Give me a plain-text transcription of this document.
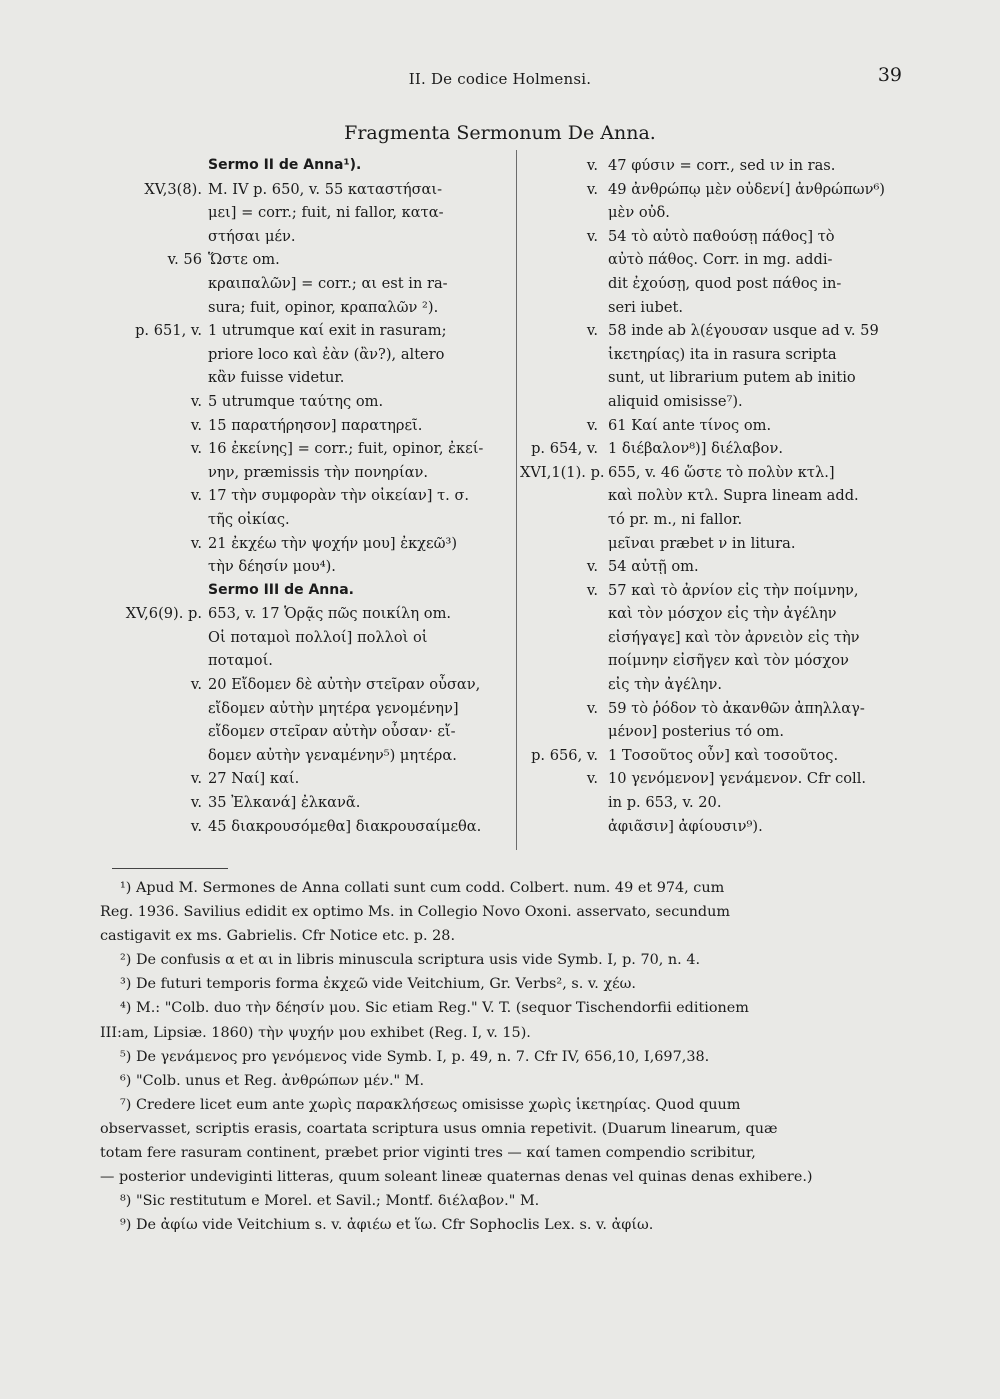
II. De codice Holmensi.	39
Fragmenta Sermonum De Anna.
Sermo II de Anna¹).
XV,3(8). M. IV p. 650, v. 55 καταστήσαι-
μει] = corr.; fuit, ni fallor, κατα-
στήσαι μέν.
v. 56 Ὥστε om.
κραιπαλῶν] = corr.; αι est in ra-
sura; fuit, opinor, κραπαλῶν ²).
p. 651, v. 1 utrumque καί exit in rasuram;
priore loco καὶ ἐὰν (ἂν?), altero
κἂν fuisse videtur.
v. 5 utrumque ταύτης om.
v. 15 παρατήρησον] παρατηρεῖ.
v. 16 ἐκείνης] = corr.; fuit, opinor, ἐκεί-
νην, præmissis τὴν πονηρίαν.
v. 17 τὴν συμφορὰν τὴν οἰκείαν] τ. σ.
τῆς οἰκίας.
v. 21 ἐκχέω τὴν ψοχήν μου] ἐκχεῶ³)
τὴν δέησίν μου⁴).
Sermo III de Anna.
XV,6(9). p. 653, v. 17 Ὁρᾷς πῶς ποικίλη om.
Οἱ ποταμοὶ πολλοί] πολλοὶ οἱ
ποταμοί.
v. 20 Εἴδομεν δὲ αὐτὴν στεῖραν οὖσαν,
εἴδομεν αὐτὴν μητέρα γενομένην]
εἴδομεν στεῖραν αὐτὴν οὖσαν· εἴ-
δομεν αὐτὴν γεναμένην⁵) μητέρα.
v. 27 Ναί] καί.
v. 35 Ἐλκανά] ἐλκανᾶ.
v. 45 διακρουσόμεθα] διακρουσαίμεθα.
v. 47 φύσιν = corr., sed ιν in ras.
v. 49 ἀνθρώπῳ μὲν οὐδενί] ἀνθρώπων⁶)
μὲν οὐδ.
v. 54 τὸ αὐτὸ παθούσῃ πάθος] τὸ
αὐτὸ πάθος. Corr. in mg. addi-
dit ἐχούσῃ, quod post πάθος in-
seri iubet.
v. 58 inde ab λ(έγουσαν usque ad v. 59
ἱκετηρίας) ita in rasura scripta
sunt, ut librarium putem ab initio
aliquid omisisse⁷).
v. 61 Καί ante τίνος om.
p. 654, v. 1 διέβαλον⁸)] διέλαβον.
XVI,1(1). p. 655, v. 46 ὥστε τὸ πολὺν κτλ.]
καὶ πολὺν κτλ. Supra lineam add.
τό pr. m., ni fallor.
μεῖναι præbet ν in litura.
v. 54 αὐτῇ om.
v. 57 καὶ τὸ ἀρνίον εἰς τὴν ποίμνην,
καὶ τὸν μόσχον εἰς τὴν ἀγέλην
εἰσήγαγε] καὶ τὸν ἀρνειὸν εἰς τὴν
ποίμνην εἰσῆγεν καὶ τὸν μόσχον
εἰς τὴν ἀγέλην.
v. 59 τὸ ῥόδον τὸ ἀκανθῶν ἀπηλλαγ-
μένον] posterius τό om.
p. 656, v. 1 Τοσοῦτος οὖν] καὶ τοσοῦτος.
v. 10 γενόμενον] γενάμενον. Cfr coll.
in p. 653, v. 20.
ἀφιᾶσιν] ἀφίουσιν⁹).
¹) Apud M. Sermones de Anna collati sunt cum codd. Colbert. num. 49 et 974, cum
Reg. 1936. Savilius edidit ex optimo Ms. in Collegio Novo Oxoni. asservato, secundum
castigavit ex ms. Gabrielis. Cfr Notice etc. p. 28.
²) De confusis α et αι in libris minuscula scriptura usis vide Symb. I, p. 70, n. 4.
³) De futuri temporis forma ἐκχεῶ vide Veitchium, Gr. Verbs², s. v. χέω.
⁴) M.: "Colb. duo τὴν δέησίν μου. Sic etiam Reg." V. T. (sequor Tischendorfii editionem
III:am, Lipsiæ. 1860) τὴν ψυχήν μου exhibet (Reg. I, v. 15).
⁵) De γενάμενος pro γενόμενος vide Symb. I, p. 49, n. 7. Cfr IV, 656,10, I,697,38.
⁶) "Colb. unus et Reg. ἀνθρώπων μέν." M.
⁷) Credere licet eum ante χωρὶς παρακλήσεως omisisse χωρὶς ἱκετηρίας. Quod quum
observasset, scriptis erasis, coartata scriptura usus omnia repetivit. (Duarum linearum, quæ
totam fere rasuram continent, præbet prior viginti tres — καί tamen compendio scribitur,
— posterior undeviginti litteras, quum soleant lineæ quaternas denas vel quinas denas exhibere.)
⁸) "Sic restitutum e Morel. et Savil.; Montf. διέλαβον." M.
⁹) De ἀφίω vide Veitchium s. v. ἀφιέω et ἵω. Cfr Sophoclis Lex. s. v. ἀφίω.
